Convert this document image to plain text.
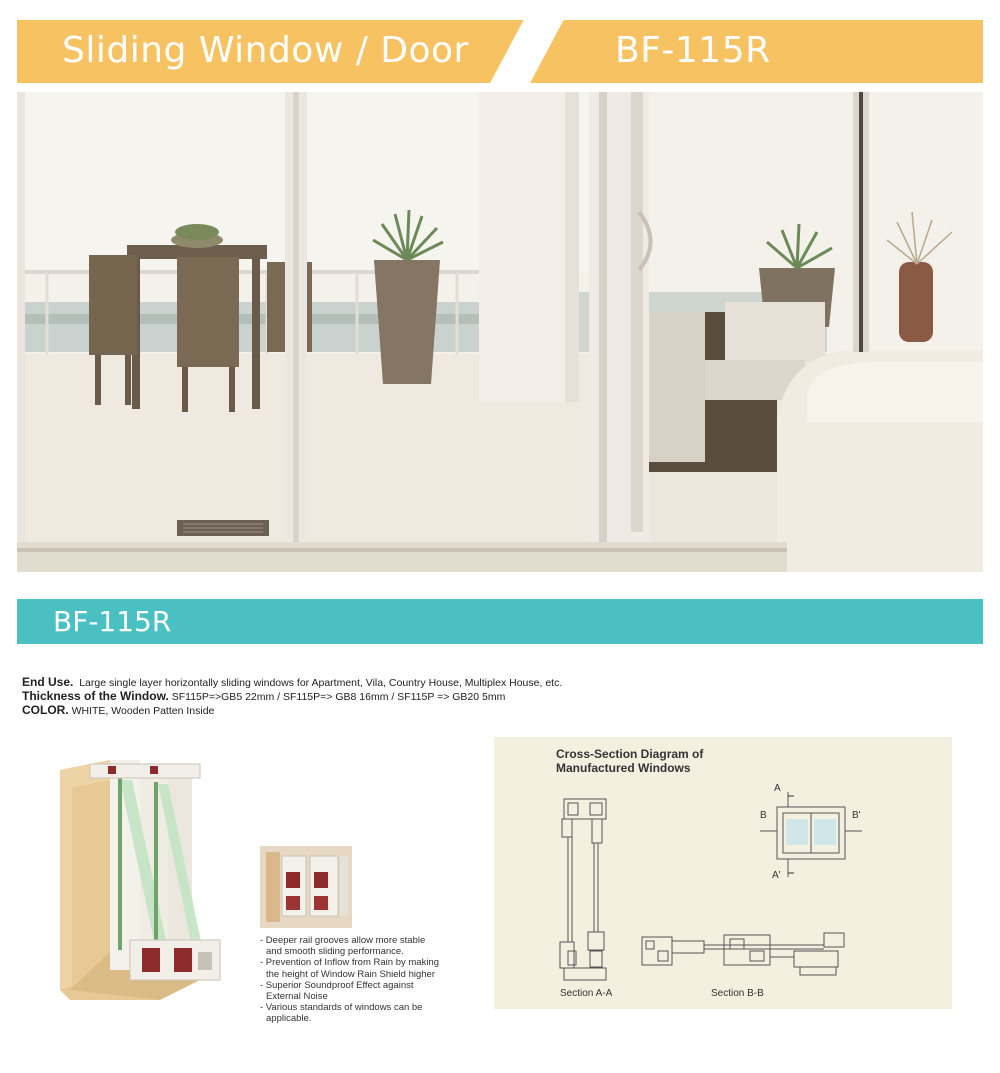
Sliding Window / Door	BF-115R
BF-115R
End Use. Large single layer horizontally sliding windows for Apartment, Vila, Country House, Multiplex House, etc.
Thickness of the Window. SF115P=>GB5 22mm / SF115P=> GB8 16mm / SF115P => GB20 5mm
COLOR. WHITE, Wooden Patten Inside
- Deeper rail grooves allow more stable
and smooth sliding performance.
- Prevention of Inflow from Rain by making
the height of Window Rain Shield higher
- Superior Soundproof Effect against
External Noise
- Various standards of windows can be
applicable.
Cross-Section Diagram of
Manufactured Windows
A
A'
B	B'
Section A-A	Section B-B
